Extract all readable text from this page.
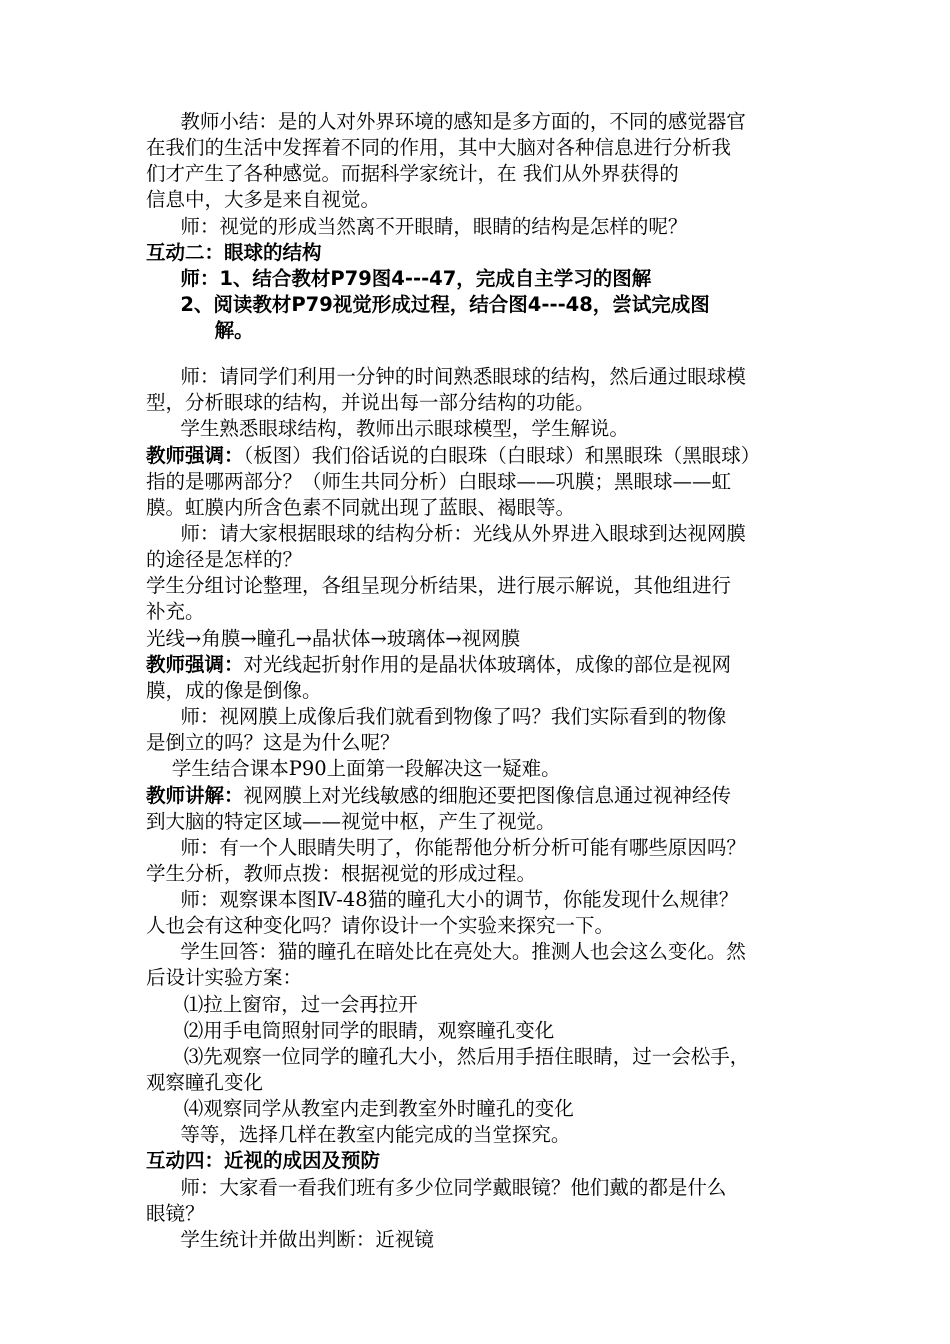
教师小结：是的人对外界环境的感知是多方面的，不同的感觉器官
在我们的生活中发挥着不同的作用，其中大脑对各种信息进行分析我
们才产生了各种感觉。而据科学家统计，在 我们从外界获得的
信息中，大多是来自视觉。
师：视觉的形成当然离不开眼睛，眼睛的结构是怎样的呢？
互动二：眼球的结构
师：1、结合教材P79图4---47，完成自主学习的图解
2、阅读教材P79视觉形成过程，结合图4---48，尝试完成图
解。
师：请同学们利用一分钟的时间熟悉眼球的结构，然后通过眼球模
型，分析眼球的结构，并说出每一部分结构的功能。
学生熟悉眼球结构，教师出示眼球模型，学生解说。
教师强调：（板图）我们俗话说的白眼珠（白眼球）和黑眼珠（黑眼球）
指的是哪两部分？（师生共同分析）白眼球——巩膜；黑眼球——虹
膜。虹膜内所含色素不同就出现了蓝眼、褐眼等。
师：请大家根据眼球的结构分析：光线从外界进入眼球到达视网膜
的途径是怎样的？
学生分组讨论整理，各组呈现分析结果，进行展示解说，其他组进行
补充。
光线→角膜→瞳孔→晶状体→玻璃体→视网膜
教师强调：对光线起折射作用的是晶状体玻璃体，成像的部位是视网
膜，成的像是倒像。
师：视网膜上成像后我们就看到物像了吗？我们实际看到的物像
是倒立的吗？这是为什么呢？
学生结合课本P90上面第一段解决这一疑难。
教师讲解：视网膜上对光线敏感的细胞还要把图像信息通过视神经传
到大脑的特定区域——视觉中枢，产生了视觉。
师：有一个人眼睛失明了，你能帮他分析分析可能有哪些原因吗？
学生分析，教师点拨：根据视觉的形成过程。
师：观察课本图Ⅳ-48猫的瞳孔大小的调节，你能发现什么规律？
人也会有这种变化吗？请你设计一个实验来探究一下。
学生回答：猫的瞳孔在暗处比在亮处大。推测人也会这么变化。然
后设计实验方案：
⑴拉上窗帘，过一会再拉开
⑵用手电筒照射同学的眼睛，观察瞳孔变化
⑶先观察一位同学的瞳孔大小，然后用手捂住眼睛，过一会松手，
观察瞳孔变化
⑷观察同学从教室内走到教室外时瞳孔的变化
等等，选择几样在教室内能完成的当堂探究。
互动四：近视的成因及预防
师：大家看一看我们班有多少位同学戴眼镜？他们戴的都是什么
眼镜？
学生统计并做出判断：近视镜
